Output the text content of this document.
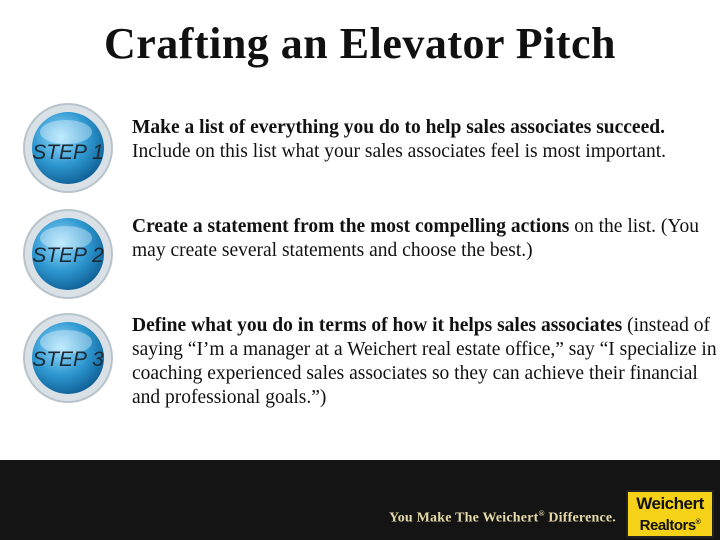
Crafting an Elevator Pitch
STEP 1
Make a list of everything you do to help sales associates succeed. Include on this list what your sales associates feel is most important.
STEP 2
Create a statement from the most compelling actions on the list. (You may create several statements and choose the best.)
STEP 3
Define what you do in terms of how it helps sales associates (instead of saying “I’m a manager at a Weichert real estate office,” say “I specialize in coaching experienced sales associates so they can achieve their financial and professional goals.”)
You Make The Weichert® Difference.
Weichert
Realtors®
